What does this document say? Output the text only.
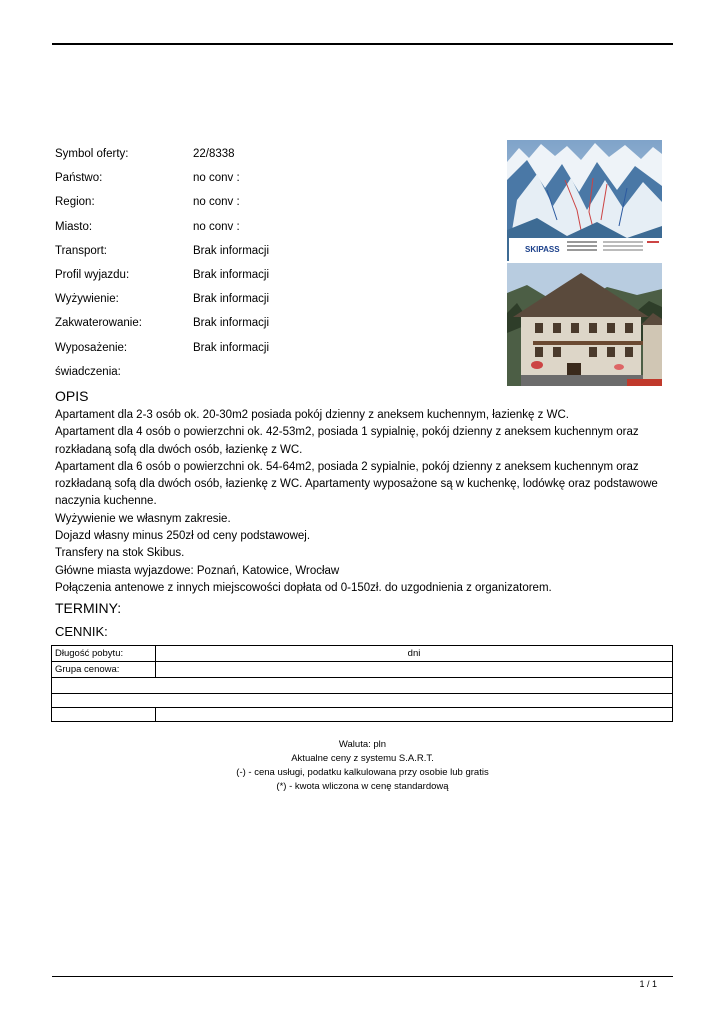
Symbol oferty:	22/8338
Państwo:	no conv :
Region:	no conv :
Miasto:	no conv :
Transport:	Brak informacji
Profil wyjazdu:	Brak informacji
Wyżywienie:	Brak informacji
Zakwaterowanie:	Brak informacji
Wyposażenie:	Brak informacji
świadczenia:
SKIPASS
OPIS
Apartament dla 2-3 osób ok. 20-30m2 posiada pokój dzienny z aneksem kuchennym, łazienkę z WC.
Apartament dla 4 osób o powierzchni ok. 42-53m2, posiada 1 sypialnię, pokój dzienny z aneksem kuchennym oraz rozkładaną sofą dla dwóch osób, łazienkę z WC.
Apartament dla 6 osób o powierzchni ok. 54-64m2, posiada 2 sypialnie, pokój dzienny z aneksem kuchennym oraz rozkładaną sofą dla dwóch osób, łazienkę z WC. Apartamenty wyposażone są w kuchenkę, lodówkę oraz podstawowe naczynia kuchenne.
Wyżywienie we własnym zakresie.
Dojazd własny minus 250zł od ceny podstawowej.
Transfery na stok Skibus.
Główne miasta wyjazdowe: Poznań, Katowice, Wrocław
Połączenia antenowe z innych miejscowości dopłata od 0-150zł. do uzgodnienia z organizatorem.
TERMINY:
CENNIK:
Długość pobytu:	dni
Grupa cenowa:	

Waluta: pln
Aktualne ceny z systemu S.A.R.T.
(-) - cena usługi, podatku kalkulowana przy osobie lub gratis
(*) - kwota wliczona w cenę standardową
1 / 1
